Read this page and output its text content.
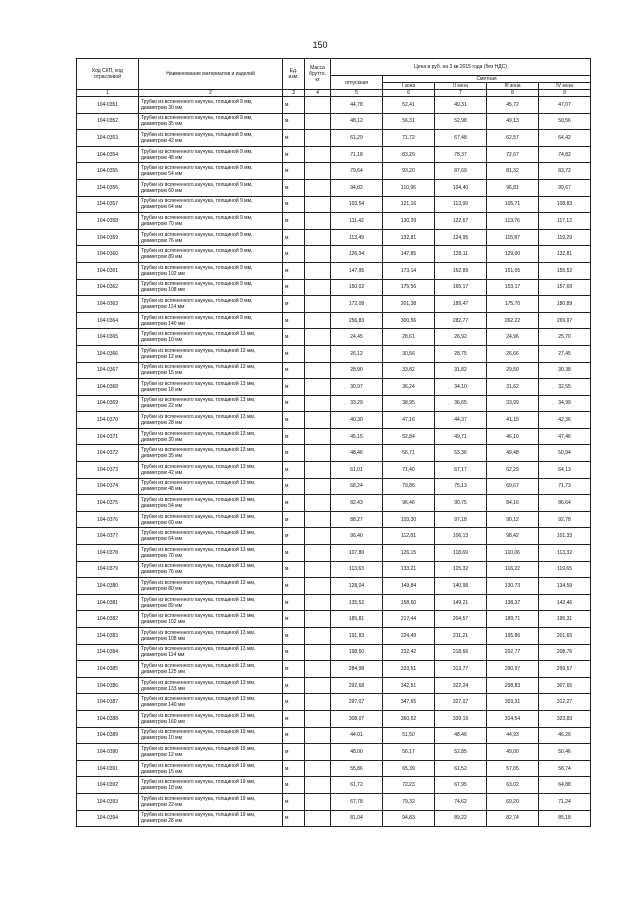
150
Код СКП, код отраслевой	Наименование материалов и изделий	Ед. изм.	Масса брутто, кг	Цена в руб. на 3 кв 2015 года (без НДС)				
				отпускная	Сметная			
					I зона	II зона	III зона	IV зона
1	2	3	4	5	6	7	8	9
104-0351	Трубки из вспененного каучука, толщиной 9 мм,
диаметром 30 мм	м		44,78	52,41	49,31	45,72	47,07
104-0352	Трубки из вспененного каучука, толщиной 9 мм,
диаметром 35 мм	м		48,12	56,31	52,98	49,13	50,56
104-0353	Трубки из вспененного каучука, толщиной 9 мм,
диаметром 42 мм	м		61,29	71,72	67,48	62,57	64,42
104-0354	Трубки из вспененного каучука, толщиной 9 мм,
диаметром 48 мм	м		71,18	83,29	78,37	72,67	74,82
104-0355	Трубки из вспененного каучука, толщиной 9 мм,
диаметром 54 мм	м		79,64	93,20	87,69	81,32	83,72
104-0356	Трубки из вспененного каучука, толщиной 9 мм,
диаметром 60 мм	м		94,82	110,96	104,40	96,81	99,67
104-0357	Трубки из вспененного каучука, толщиной 9 мм,
диаметром 64 мм	м		103,54	121,16	113,99	105,71	108,83
104-0358	Трубки из вспененного каучука, толщиной 9 мм,
диаметром 70 мм	м		111,42	130,39	122,67	113,76	117,12
104-0359	Трубки из вспененного каучука, толщиной 9 мм,
диаметром 76 мм	м		113,49	132,81	124,95	115,87	119,29
104-0360	Трубки из вспененного каучука, толщиной 9 мм,
диаметром 89 мм	м		126,34	147,85	139,11	129,00	132,81
104-0361	Трубки из вспененного каучука, толщиной 9 мм,
диаметром 102 мм	м		147,95	173,14	162,89	151,05	155,52
104-0362	Трубки из вспененного каучука, толщиной 9 мм,
диаметром 108 мм	м		150,02	175,56	165,17	153,17	157,69
104-0363	Трубки из вспененного каучука, толщиной 9 мм,
диаметром 114 мм	м		172,08	201,38	189,47	175,70	180,89
104-0364	Трубки из вспененного каучука, толщиной 9 мм,
диаметром 140 мм	м		256,83	300,56	282,77	262,22	269,97
104-0365	Трубки из вспененного каучука, толщиной 13 мм,
диаметром 10 мм	м		24,45	28,61	26,92	24,96	25,70
104-0366	Трубки из вспененного каучука, толщиной 13 мм,
диаметром 12 мм	м		26,12	30,56	28,75	26,66	27,45
104-0367	Трубки из вспененного каучука, толщиной 13 мм,
диаметром 15 мм	м		28,90	33,82	31,82	29,50	30,38
104-0368	Трубки из вспененного каучука, толщиной 13 мм,
диаметром 18 мм	м		30,97	36,24	34,10	31,62	32,55
104-0369	Трубки из вспененного каучука, толщиной 13 мм,
диаметром 22 мм	м		33,29	38,95	36,65	33,99	34,99
104-0370	Трубки из вспененного каучука, толщиной 13 мм,
диаметром 28 мм	м		40,30	47,16	44,37	41,15	42,36
104-0371	Трубки из вспененного каучука, толщиной 13 мм,
диаметром 30 мм	м		45,15	52,84	49,71	46,10	47,46
104-0372	Трубки из вспененного каучука, толщиной 13 мм,
диаметром 35 мм	м		48,46	56,71	53,36	49,48	50,94
104-0373	Трубки из вспененного каучука, толщиной 13 мм,
диаметром 42 мм	м		61,01	71,40	67,17	62,29	64,13
104-0374	Трубки из вспененного каучука, толщиной 13 мм,
диаметром 48 мм	м		68,24	79,86	75,13	69,67	71,73
104-0375	Трубки из вспененного каучука, толщиной 13 мм,
диаметром 54 мм	м		82,43	96,46	90,75	84,16	86,64
104-0376	Трубки из вспененного каучука, толщиной 13 мм,
диаметром 60 мм	м		88,27	103,30	97,18	90,12	92,78
104-0377	Трубки из вспененного каучука, толщиной 13 мм,
диаметром 64 мм	м		96,40	112,81	106,13	98,42	101,33
104-0378	Трубки из вспененного каучука, толщиной 13 мм,
диаметром 70 мм	м		107,80	126,15	118,69	110,06	113,32
104-0379	Трубки из вспененного каучука, толщиной 13 мм,
диаметром 76 мм	м		113,63	133,21	125,32	116,22	119,65
104-0380	Трубки из вспененного каучука, толщиной 13 мм,
диаметром 80 мм	м		128,04	149,84	140,98	130,73	134,59
104-0381	Трубки из вспененного каучука, толщиной 13 мм,
диаметром 89 мм	м		135,52	158,60	149,21	138,37	142,46
104-0382	Трубки из вспененного каучука, толщиной 13 мм,
диаметром 102 мм	м		185,81	217,44	204,57	189,71	195,31
104-0383	Трубки из вспененного каучука, толщиной 13 мм,
диаметром 108 мм	м		191,83	224,49	211,21	195,86	201,65
104-0384	Трубки из вспененного каучука, толщиной 13 мм,
диаметром 114 мм	м		198,60	232,42	218,66	202,77	208,76
104-0385	Трубки из вспененного каучука, толщиной 13 мм,
диаметром 125 мм	м		284,98	333,51	313,77	290,97	299,57
104-0386	Трубки из вспененного каучука, толщиной 13 мм,
диаметром 133 мм	м		292,68	342,51	322,24	298,83	307,65
104-0387	Трубки из вспененного каучука, толщиной 13 мм,
диаметром 140 мм	м		297,07	347,65	327,07	303,31	312,27
104-0388	Трубки из вспененного каучука, толщиной 13 мм,
диаметром 160 мм	м		308,07	360,52	339,19	314,54	323,83
104-0389	Трубки из вспененного каучука, толщиной 19 мм,
диаметром 10 мм	м		44,01	51,50	48,46	44,93	46,26
104-0390	Трубки из вспененного каучука, толщиной 19 мм,
диаметром 12 мм	м		48,00	56,17	52,85	49,00	50,46
104-0391	Трубки из вспененного каучука, толщиной 19 мм,
диаметром 15 мм	м		55,86	65,39	61,52	57,05	58,74
104-0392	Трубки из вспененного каучука, толщиной 19 мм,
диаметром 18 мм	м		61,72	72,23	67,95	63,02	64,88
104-0393	Трубки из вспененного каучука, толщиной 19 мм,
диаметром 22 мм	м		67,78	79,32	74,62	69,20	71,24
104-0394	Трубки из вспененного каучука, толщиной 19 мм,
диаметром 28 мм	м		81,04	94,83	89,22	82,74	85,18
